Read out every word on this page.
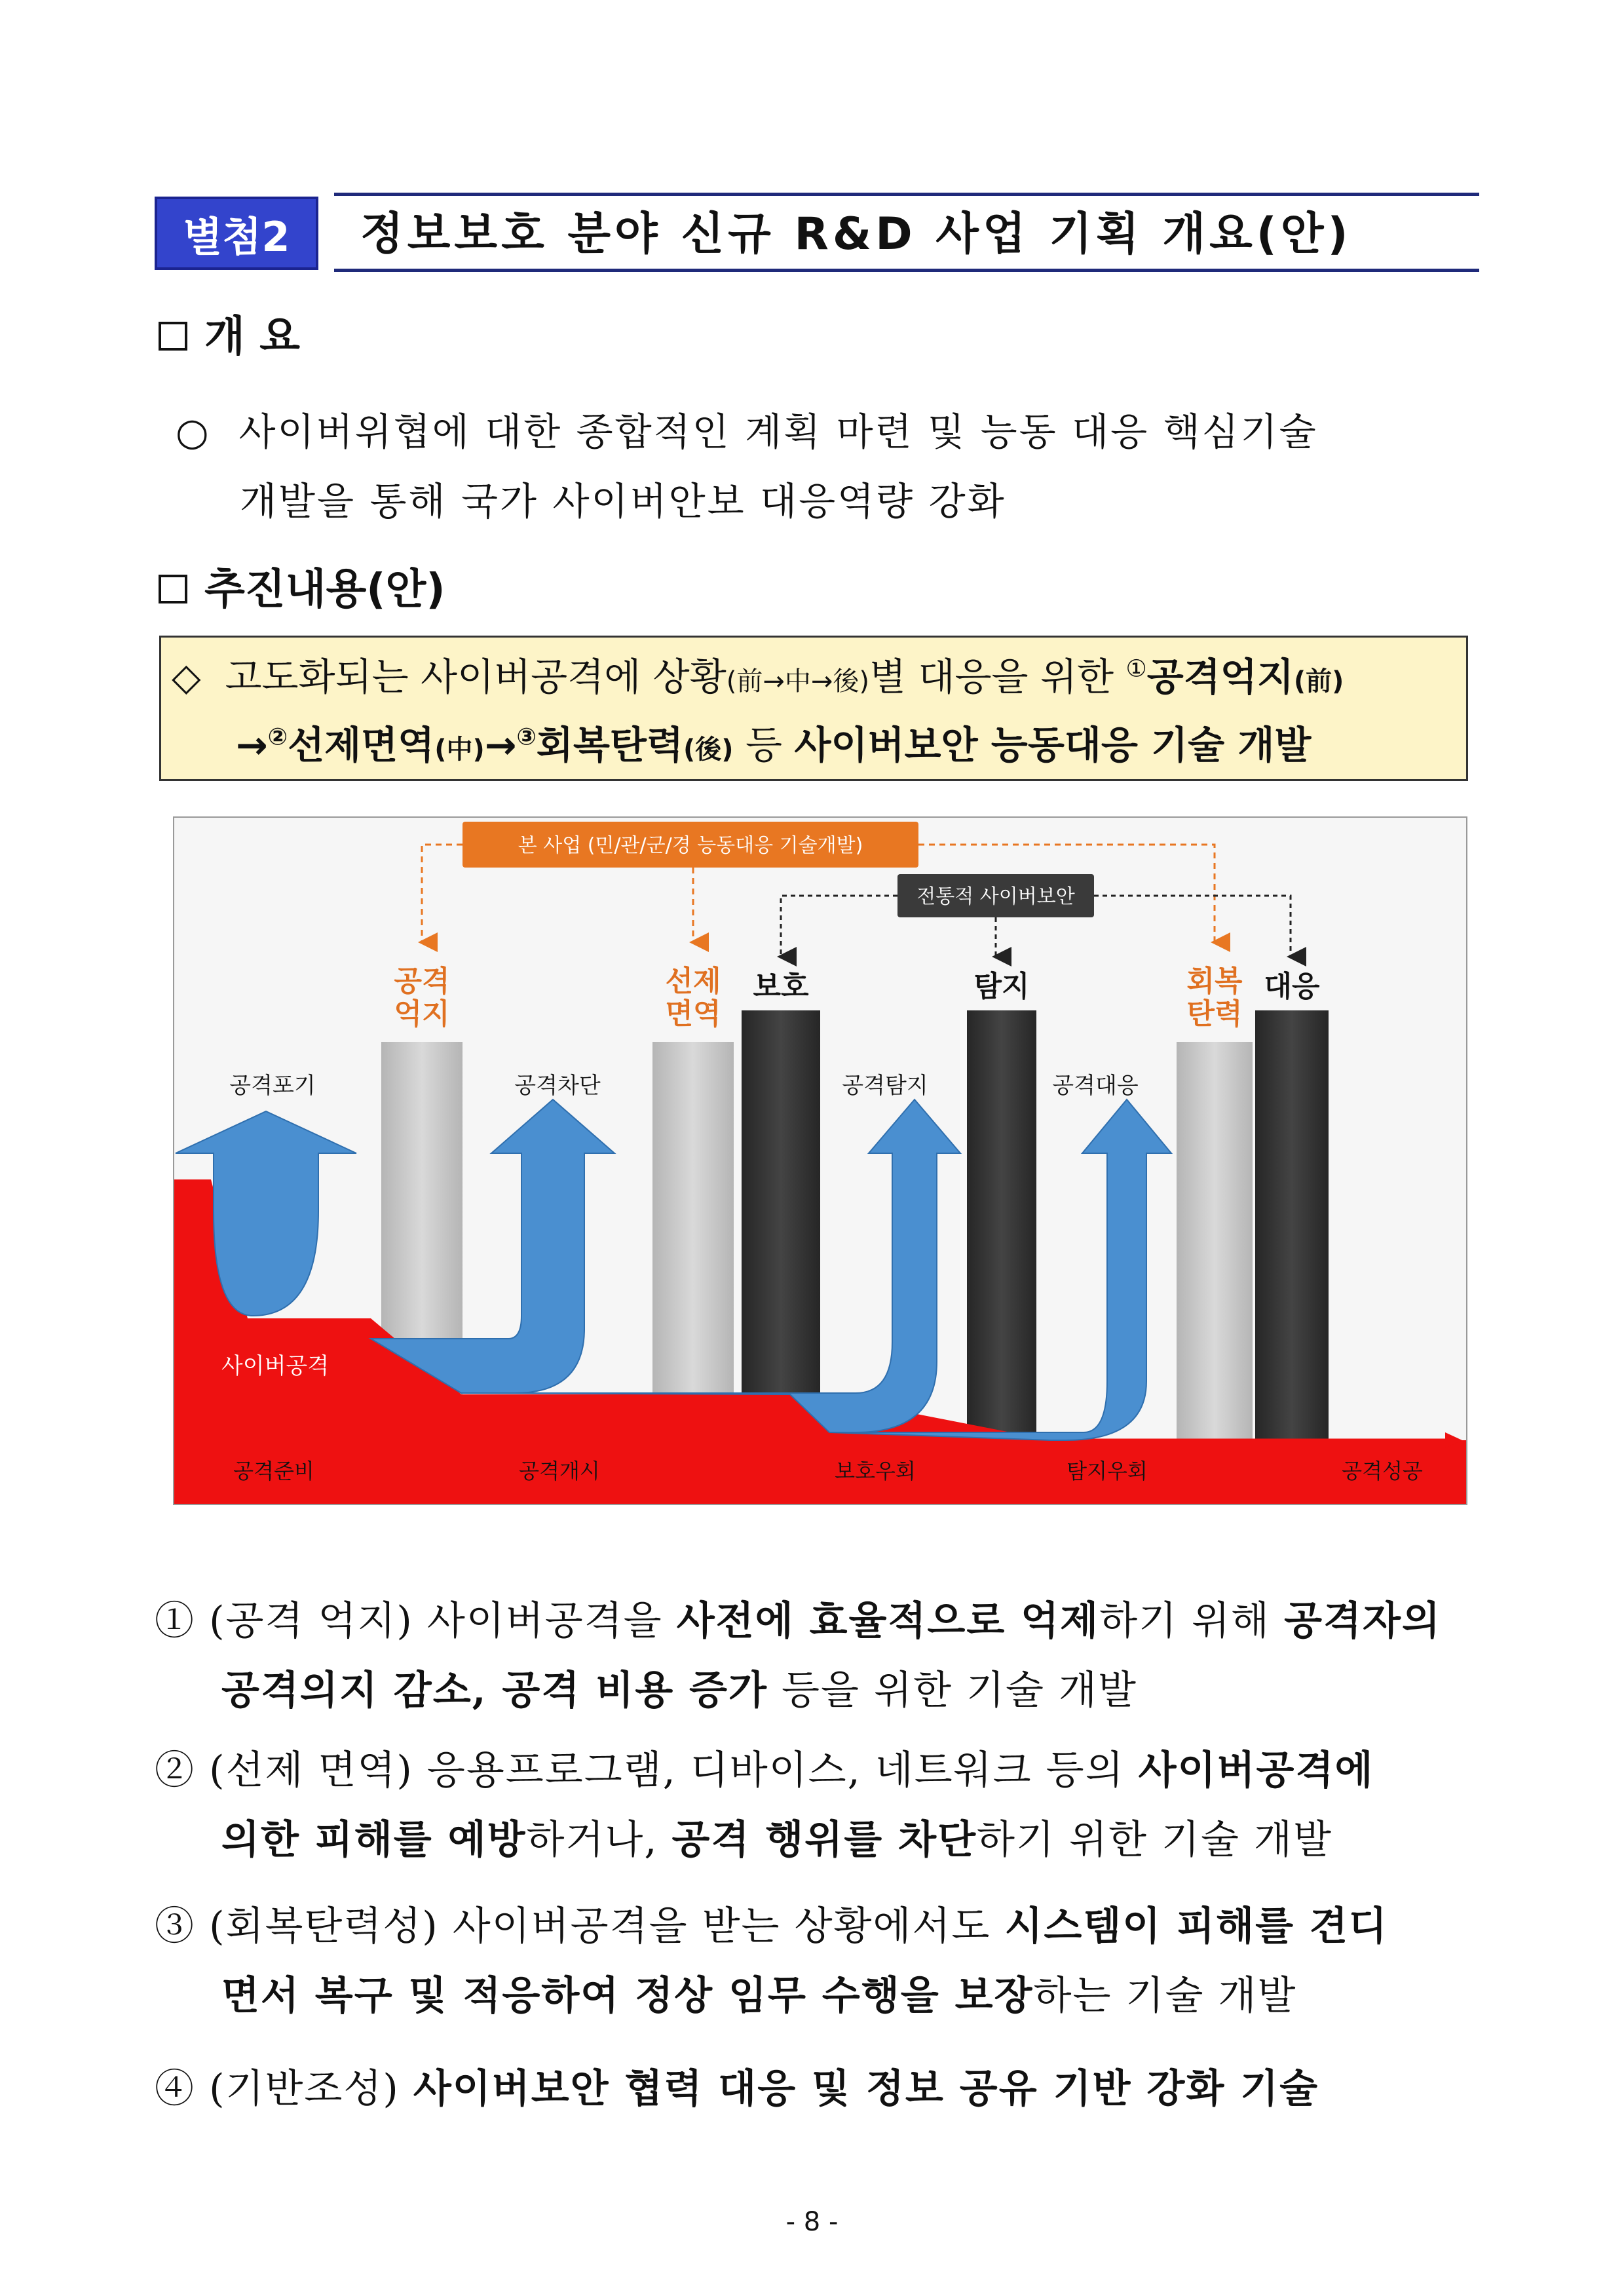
별첨2	정보보호 분야 신규 R&D 사업 기획 개요(안)
개 요
○ 사이버위협에 대한 종합적인 계획 마련 및 능동 대응 핵심기술
개발을 통해 국가 사이버안보 대응역량 강화
추진내용(안)
◇ 고도화되는 사이버공격에 상황(前→中→後)별 대응을 위한 ①공격억지(前)
→②선제면역(中)→③회복탄력(後) 등 사이버보안 능동대응 기술 개발
본 사업 (민/관/군/경 능동대응 기술개발)
전통적 사이버보안
공격 억지
선제 면역
보호	탐지	회복 탄력
대응
공격포기	공격차단	공격탐지	공격대응
사이버공격
공격준비	공격개시	보호우회	탐지우회	공격성공
① (공격 억지) 사이버공격을 사전에 효율적으로 억제하기 위해 공격자의
공격의지 감소, 공격 비용 증가 등을 위한 기술 개발
② (선제 면역) 응용프로그램, 디바이스, 네트워크 등의 사이버공격에
의한 피해를 예방하거나, 공격 행위를 차단하기 위한 기술 개발
③ (회복탄력성) 사이버공격을 받는 상황에서도 시스템이 피해를 견디
면서 복구 및 적응하여 정상 임무 수행을 보장하는 기술 개발
④ (기반조성) 사이버보안 협력 대응 및 정보 공유 기반 강화 기술
- 8 -
